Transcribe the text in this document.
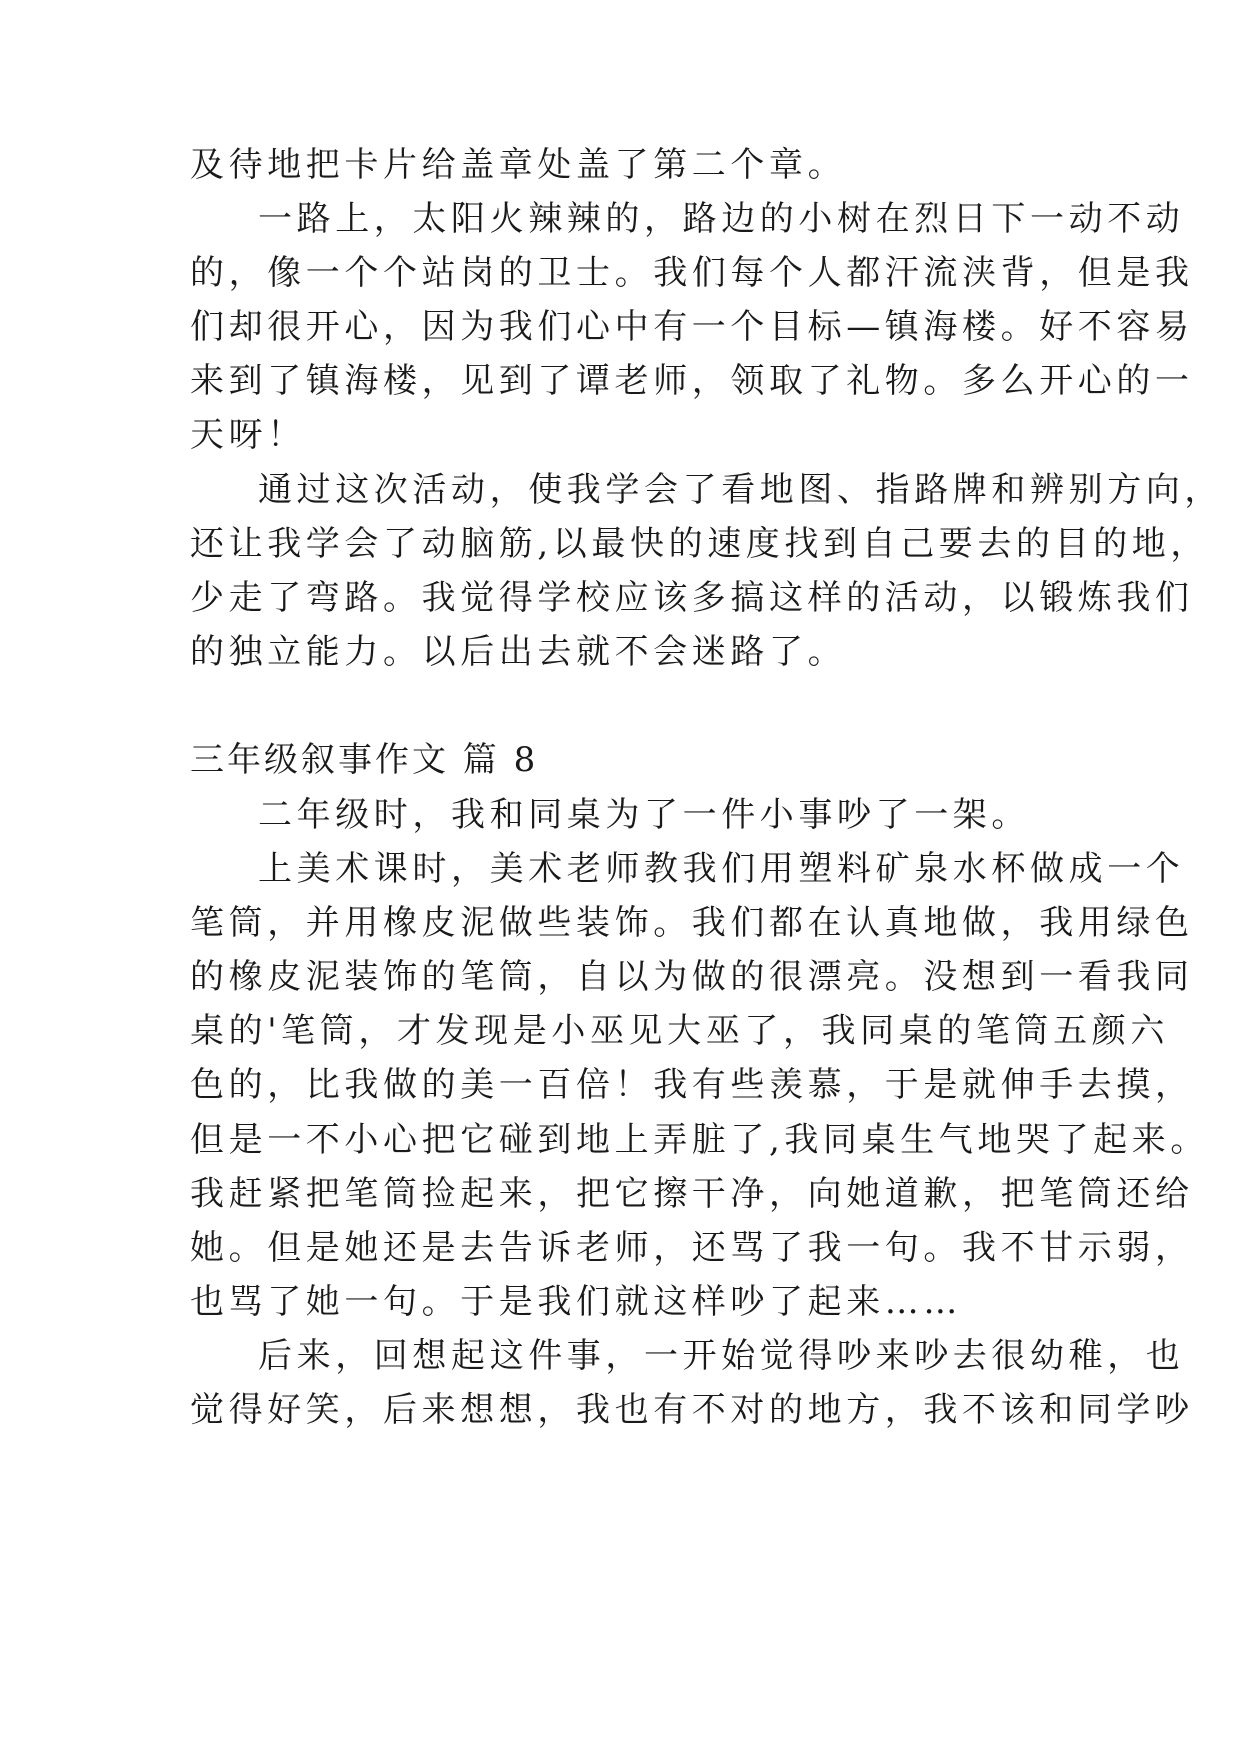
及待地把卡片给盖章处盖了第二个章。
一路上，太阳火辣辣的，路边的小树在烈日下一动不动
的，像一个个站岗的卫士。我们每个人都汗流浃背，但是我
们却很开心，因为我们心中有一个目标—镇海楼。好不容易
来到了镇海楼，见到了谭老师，领取了礼物。多么开心的一
天呀！
通过这次活动，使我学会了看地图、指路牌和辨别方向，
还让我学会了动脑筋,以最快的速度找到自己要去的目的地，
少走了弯路。我觉得学校应该多搞这样的活动，以锻炼我们
的独立能力。以后出去就不会迷路了。
三年级叙事作文 篇 8
二年级时，我和同桌为了一件小事吵了一架。
上美术课时，美术老师教我们用塑料矿泉水杯做成一个
笔筒，并用橡皮泥做些装饰。我们都在认真地做，我用绿色
的橡皮泥装饰的笔筒，自以为做的很漂亮。没想到一看我同
桌的'笔筒，才发现是小巫见大巫了，我同桌的笔筒五颜六
色的，比我做的美一百倍！我有些羡慕，于是就伸手去摸，
但是一不小心把它碰到地上弄脏了,我同桌生气地哭了起来。
我赶紧把笔筒捡起来，把它擦干净，向她道歉，把笔筒还给
她。但是她还是去告诉老师，还骂了我一句。我不甘示弱，
也骂了她一句。于是我们就这样吵了起来……
后来，回想起这件事，一开始觉得吵来吵去很幼稚，也
觉得好笑，后来想想，我也有不对的地方，我不该和同学吵
